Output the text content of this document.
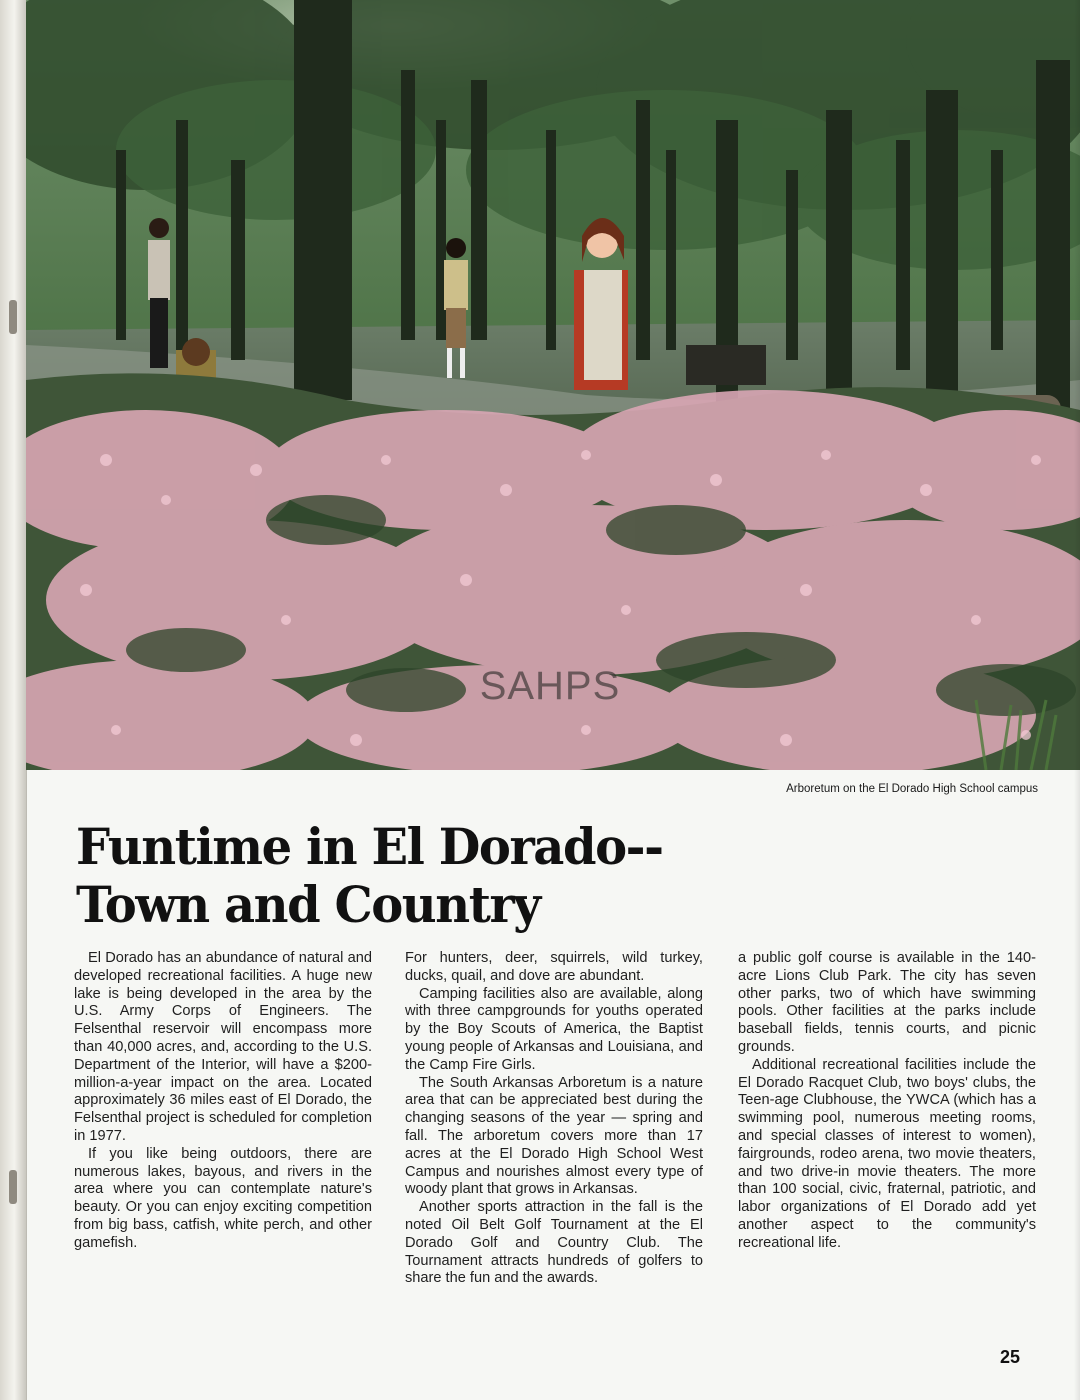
SAHPS
Arboretum on the El Dorado High School campus
Funtime in El Dorado--
Town and Country

El Dorado has an abundance of natural and developed recreational facilities. A huge new lake is being developed in the area by the U.S. Army Corps of Engineers. The Felsenthal reservoir will encompass more than 40,000 acres, and, according to the U.S. Department of the Interior, will have a $200-million-a-year impact on the area. Located approximately 36 miles east of El Dorado, the Felsenthal project is scheduled for completion in 1977.

If you like being outdoors, there are numerous lakes, bayous, and rivers in the area where you can contemplate nature's beauty. Or you can enjoy exciting competition from big bass, catfish, white perch, and other gamefish.

For hunters, deer, squirrels, wild turkey, ducks, quail, and dove are abundant.

Camping facilities also are available, along with three campgrounds for youths operated by the Boy Scouts of America, the Baptist young people of Arkansas and Louisiana, and the Camp Fire Girls.

The South Arkansas Arboretum is a nature area that can be appreciated best during the changing seasons of the year — spring and fall. The arboretum covers more than 17 acres at the El Dorado High School West Campus and nourishes almost every type of woody plant that grows in Arkansas.

Another sports attraction in the fall is the noted Oil Belt Golf Tournament at the El Dorado Golf and Country Club. The Tournament attracts hundreds of golfers to share the fun and the awards.

a public golf course is available in the 140-acre Lions Club Park. The city has seven other parks, two of which have swimming pools. Other facilities at the parks include baseball fields, tennis courts, and picnic grounds.

Additional recreational facilities include the El Dorado Racquet Club, two boys' clubs, the Teen-age Clubhouse, the YWCA (which has a swimming pool, numerous meeting rooms, and special classes of interest to women), fairgrounds, rodeo arena, two movie theaters, and two drive-in movie theaters. The more than 100 social, civic, fraternal, patriotic, and labor organizations of El Dorado add yet another aspect to the community's recreational life.

25
